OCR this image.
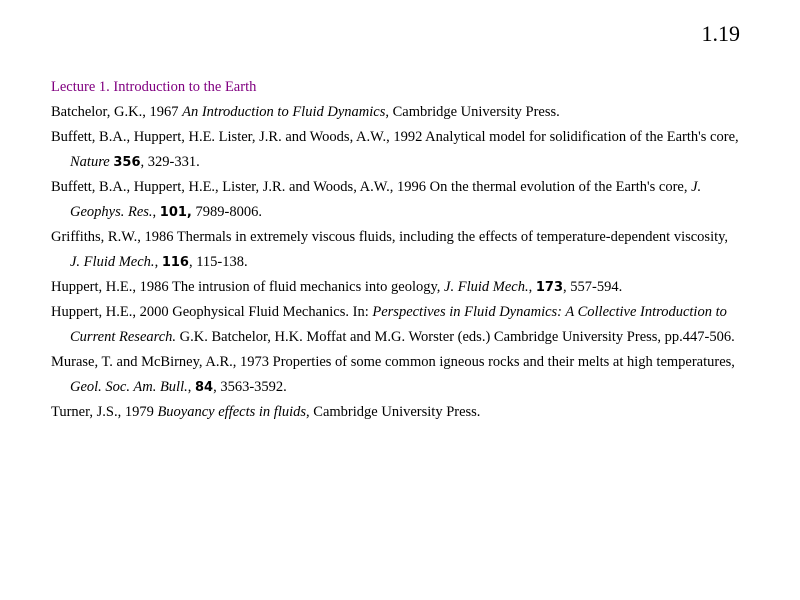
1.19
Lecture 1. Introduction to the Earth
Batchelor, G.K., 1967 An Introduction to Fluid Dynamics, Cambridge University Press.
Buffett, B.A., Huppert, H.E. Lister, J.R. and Woods, A.W., 1992 Analytical model for solidification of the Earth's core, Nature 356, 329-331.
Buffett, B.A., Huppert, H.E., Lister, J.R. and Woods, A.W., 1996 On the thermal evolution of the Earth's core, J. Geophys. Res., 101, 7989-8006.
Griffiths, R.W., 1986 Thermals in extremely viscous fluids, including the effects of temperature-dependent viscosity, J. Fluid Mech., 116, 115-138.
Huppert, H.E., 1986 The intrusion of fluid mechanics into geology, J. Fluid Mech., 173, 557-594.
Huppert, H.E., 2000 Geophysical Fluid Mechanics. In: Perspectives in Fluid Dynamics: A Collective Introduction to Current Research. G.K. Batchelor, H.K. Moffat and M.G. Worster (eds.) Cambridge University Press, pp.447-506.
Murase, T. and McBirney, A.R., 1973 Properties of some common igneous rocks and their melts at high temperatures, Geol. Soc. Am. Bull., 84, 3563-3592.
Turner, J.S., 1979 Buoyancy effects in fluids, Cambridge University Press.
